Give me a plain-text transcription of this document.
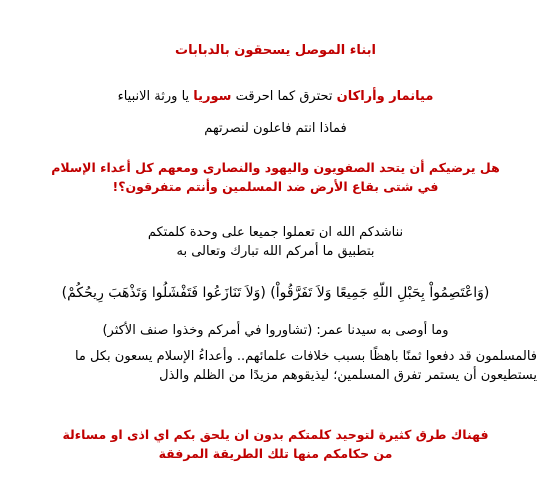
ابناء الموصل يسحقون بالدبابات
ميانمار وأراكان تحترق كما احرقت سوريا يا ورثة الانبياء
فماذا انتم فاعلون لنصرتهم
هل يرضيكم أن يتحد الصفويون واليهود والنصارى ومعهم كل أعداء الإسلام
في شتى بقاع الأرض ضد المسلمين وأنتم متفرقون؟!
نناشدكم الله ان تعملوا جميعا على وحدة كلمتكم
بتطبيق ما أمركم الله تبارك وتعالى به
(وَاعْتَصِمُواْ بِحَبْلِ اللّهِ جَمِيعًا وَلاَ تَفَرَّقُواْ) (وَلاَ تَنَازَعُوا فَتَفْشَلُوا وَتَذْهَبَ رِيحُكُمْ)
وما أوصى به سيدنا عمر: (تشاوروا في أمركم وخذوا صنف الأكثر)
فالمسلمون قد دفعوا ثمنًا باهظًا بسبب خلافات علمائهم.. وأعداءُ الإسلام يسعون بكل ما
يستطيعون أن يستمر تفرق المسلمين؛ ليذيقوهم مزيدًا من الظلم والذل
فهناك طرق كثيرة لتوحيد كلمتكم بدون ان يلحق بكم اي اذى او مساءلة
من حكامكم منها تلك الطريقة المرفقة
